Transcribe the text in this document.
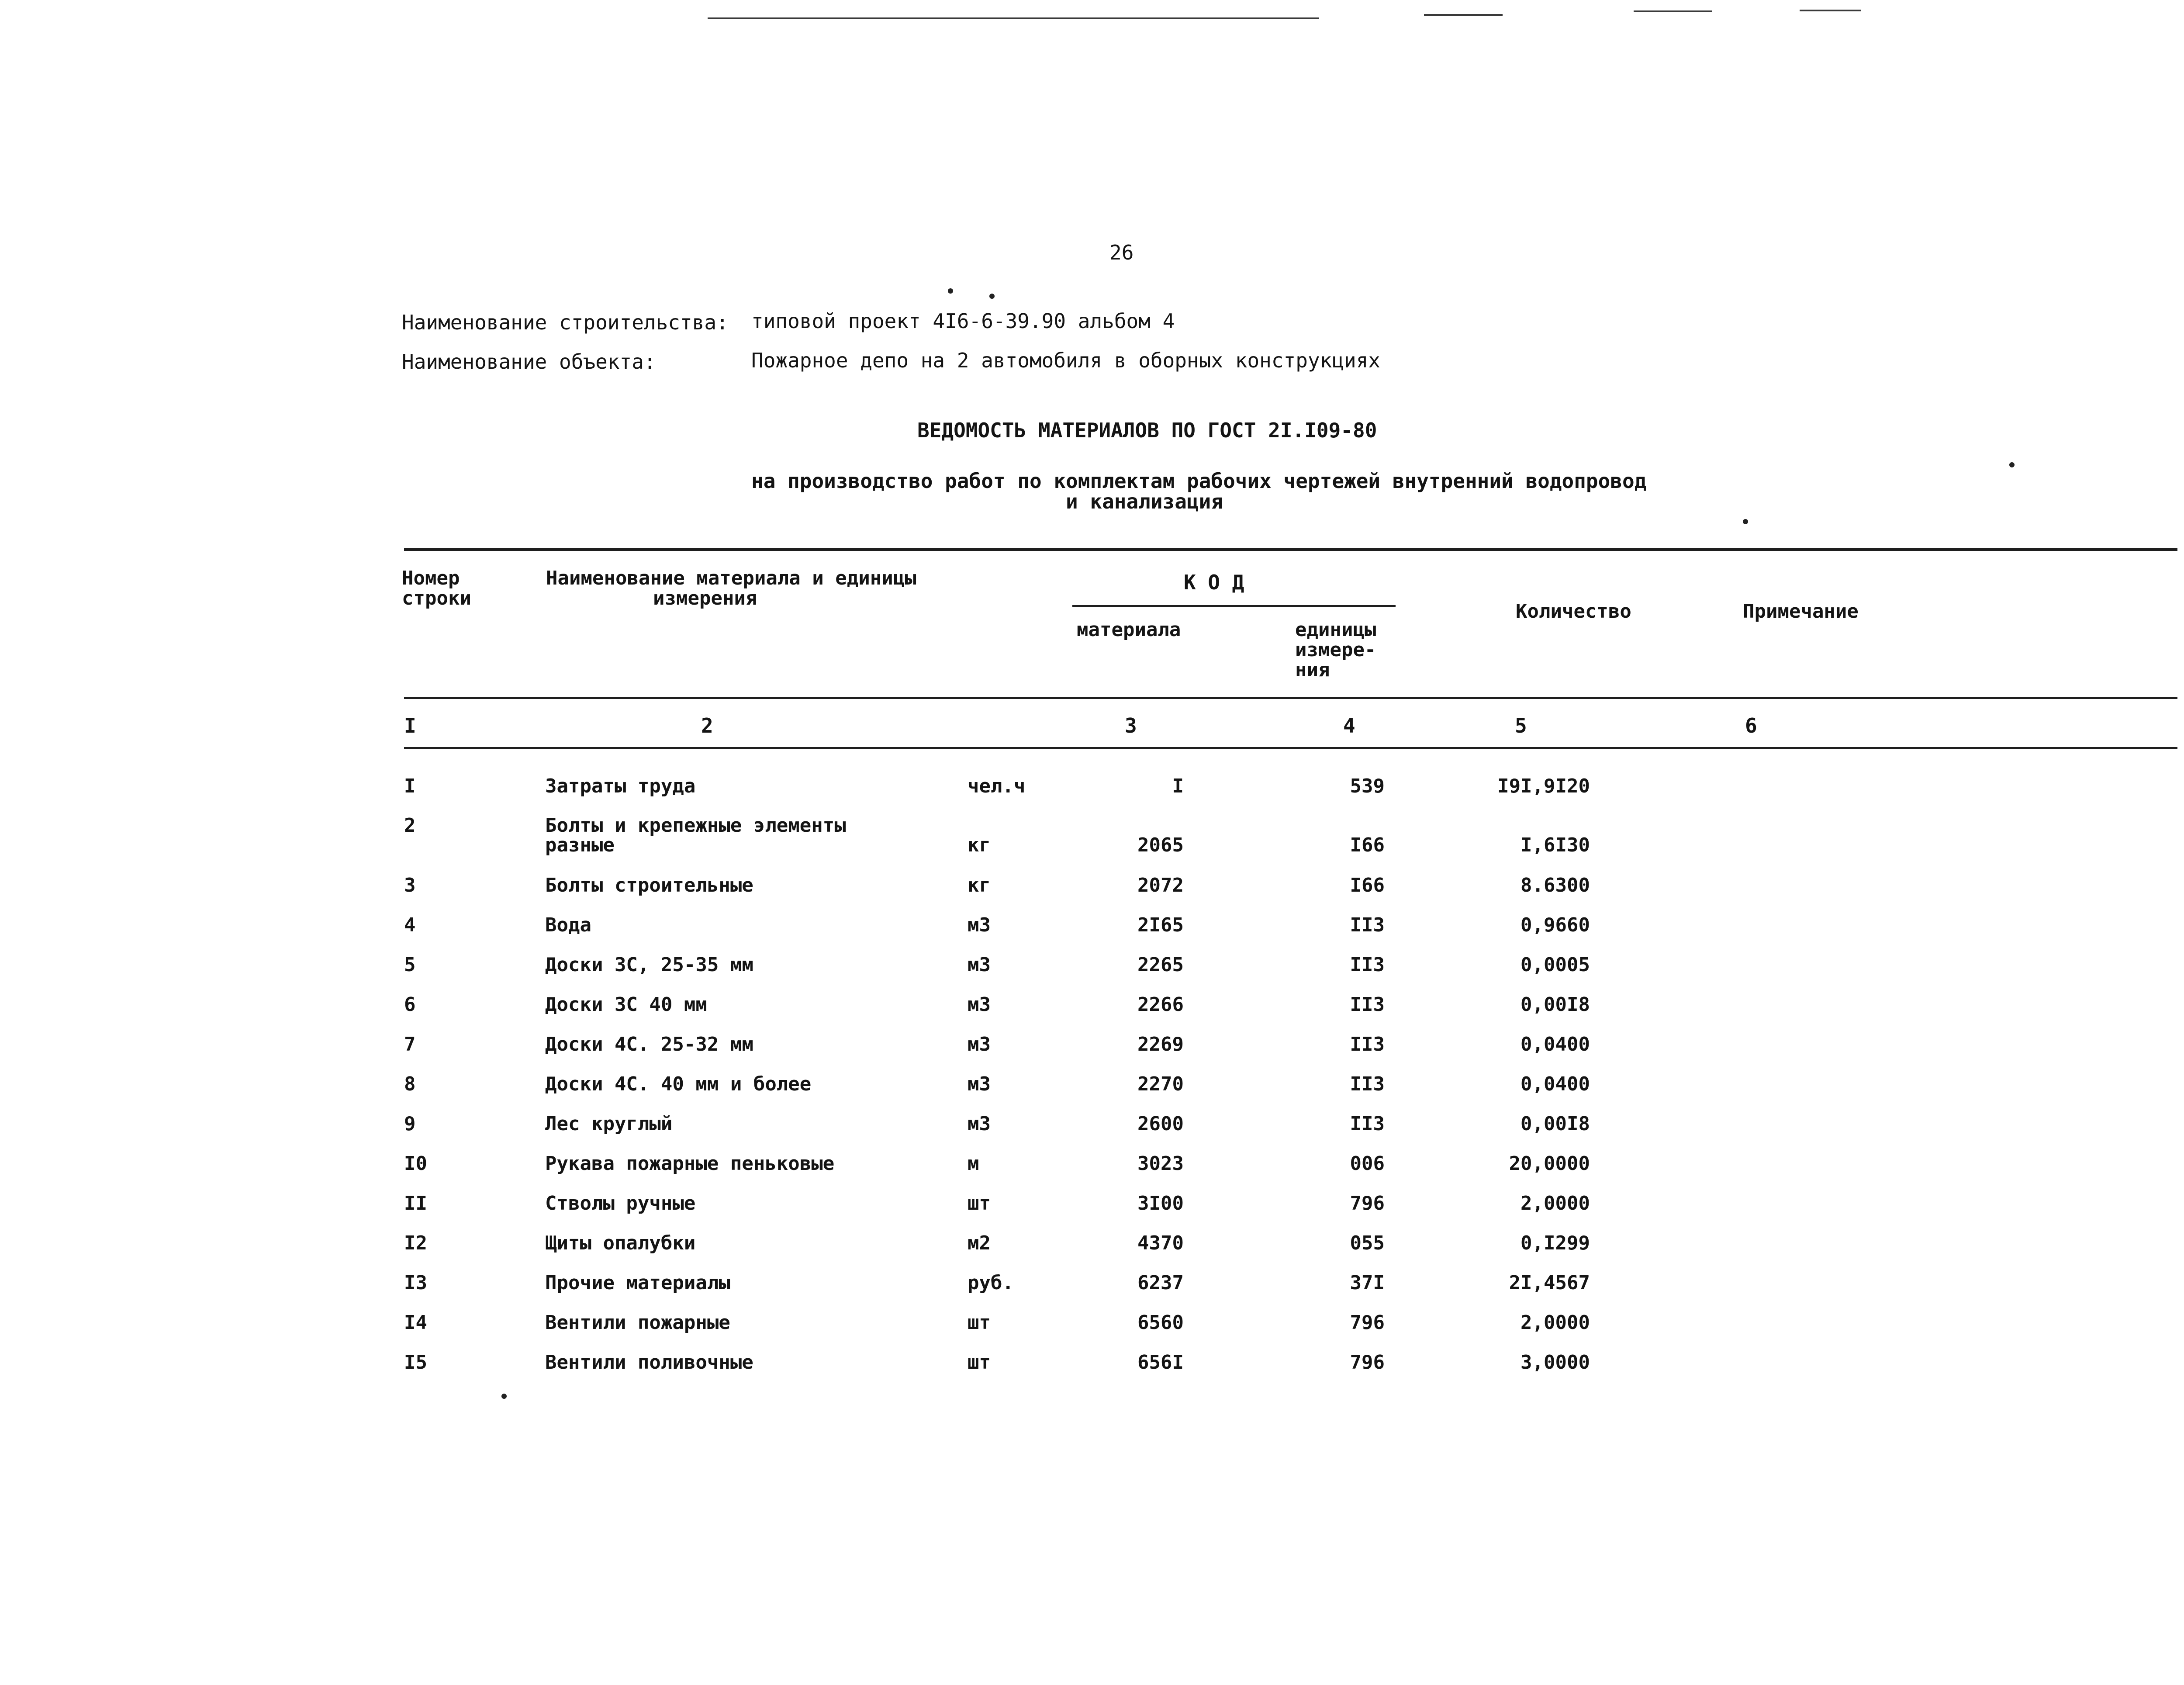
26
Наименование строительства: типовой проект 4I6-6-39.90 альбом 4
Наименование объекта:	Пожарное депо на 2 автомобиля в оборных конструкциях
ВЕДОМОСТЬ МАТЕРИАЛОВ ПО ГОСТ 2I.I09-80
на производство работ по комплектам рабочих чертежей внутренний водопровод
и канализация
Номер
строки
Наименование материала и единицы
измерения
К О Д
материала	единицы
измере-
ния
Количество	Примечание
I	2	3	4	5	6
I	Затраты труда	чел.ч	I	539	I9I,9I20
2	Болты и крепежные элементы
разные	кг	2065	I66	I,6I30
3	Болты строительные	кг	2072	I66	8.6300
4	Вода	м3	2I65	II3	0,9660
5	Доски 3С, 25-35 мм	м3	2265	II3	0,0005
6	Доски 3С 40 мм	м3	2266	II3	0,00I8
7	Доски 4С. 25-32 мм	м3	2269	II3	0,0400
8	Доски 4С. 40 мм и более	м3	2270	II3	0,0400
9	Лес круглый	м3	2600	II3	0,00I8
I0	Рукава пожарные пеньковые	м	3023	006	20,0000
II	Стволы ручные	шт	3I00	796	2,0000
I2	Щиты опалубки	м2	4370	055	0,I299
I3	Прочие материалы	руб.	6237	37I	2I,4567
I4	Вентили пожарные	шт	6560	796	2,0000
I5	Вентили поливочные	шт	656I	796	3,0000
